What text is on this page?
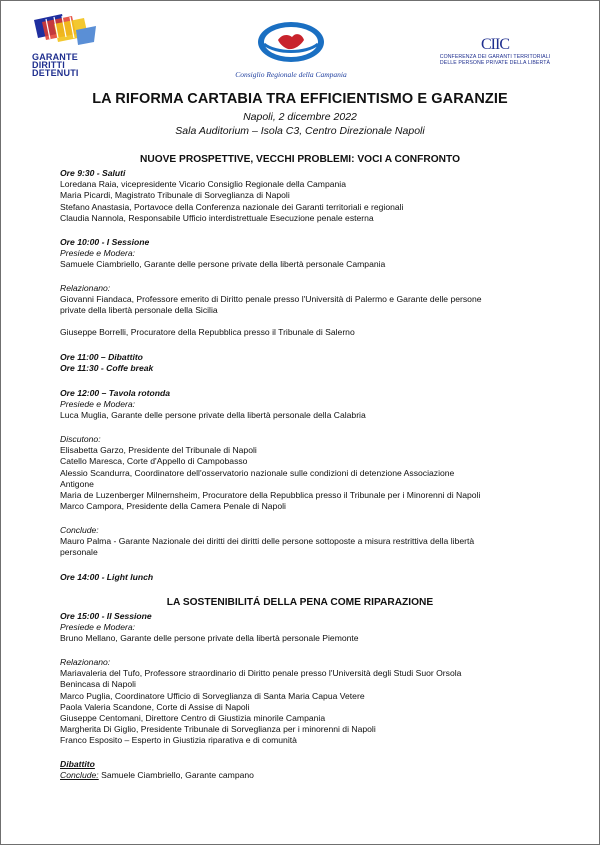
GARANTE
DIRITTI
DETENUTI	Consiglio Regionale della Campania
CIIC
CONFERENZA DEI GARANTI TERRITORIALI
DELLE PERSONE PRIVATE DELLA LIBERTÀ
LA RIFORMA CARTABIA TRA EFFICIENTISMO E GARANZIE
Napoli, 2 dicembre 2022
Sala Auditorium – Isola C3, Centro Direzionale Napoli
NUOVE PROSPETTIVE, VECCHI PROBLEMI: VOCI A CONFRONTO
Ore 9:30 - Saluti
Loredana Raia, vicepresidente Vicario Consiglio Regionale della Campania
Maria Picardi, Magistrato Tribunale di Sorveglianza di Napoli
Stefano Anastasia, Portavoce della Conferenza nazionale dei Garanti territoriali e regionali
Claudia Nannola, Responsabile Ufficio interdistrettuale Esecuzione penale esterna
Ore 10:00 - I Sessione
Presiede e Modera:
Samuele Ciambriello, Garante delle persone private della libertà personale Campania
Relazionano:
Giovanni Fiandaca, Professore emerito di Diritto penale presso l'Università di Palermo e Garante delle persone
private della libertà personale della Sicilia
Giuseppe Borrelli, Procuratore della Repubblica presso il Tribunale di Salerno
Ore 11:00 – Dibattito
Ore 11:30 - Coffe break
Ore 12:00 – Tavola rotonda
Presiede e Modera:
Luca Muglia, Garante delle persone private della libertà personale della Calabria
Discutono:
Elisabetta Garzo, Presidente del Tribunale di Napoli
Catello Maresca, Corte d'Appello di Campobasso
Alessio Scandurra, Coordinatore dell'osservatorio nazionale sulle condizioni di detenzione Associazione
Antigone
Maria de Luzenberger Milnernsheim, Procuratore della Repubblica presso il Tribunale per i Minorenni di Napoli
Marco Campora, Presidente della Camera Penale di Napoli
Conclude:
Mauro Palma - Garante Nazionale dei diritti dei diritti delle persone sottoposte a misura restrittiva della libertà
personale
Ore 14:00 - Light lunch
LA SOSTENIBILITÁ DELLA PENA COME RIPARAZIONE
Ore 15:00 - II Sessione
Presiede e Modera:
Bruno Mellano, Garante delle persone private della libertà personale Piemonte
Relazionano:
Mariavaleria del Tufo, Professore straordinario di Diritto penale presso l'Università degli Studi Suor Orsola
Benincasa di Napoli
Marco Puglia, Coordinatore Ufficio di Sorveglianza di Santa Maria Capua Vetere
Paola Valeria Scandone, Corte di Assise di Napoli
Giuseppe Centomani, Direttore Centro di Giustizia minorile Campania
Margherita Di Giglio, Presidente Tribunale di Sorveglianza per i minorenni di Napoli
Franco Esposito – Esperto in Giustizia riparativa e di comunità
Dibattito
Conclude: Samuele Ciambriello, Garante campano
